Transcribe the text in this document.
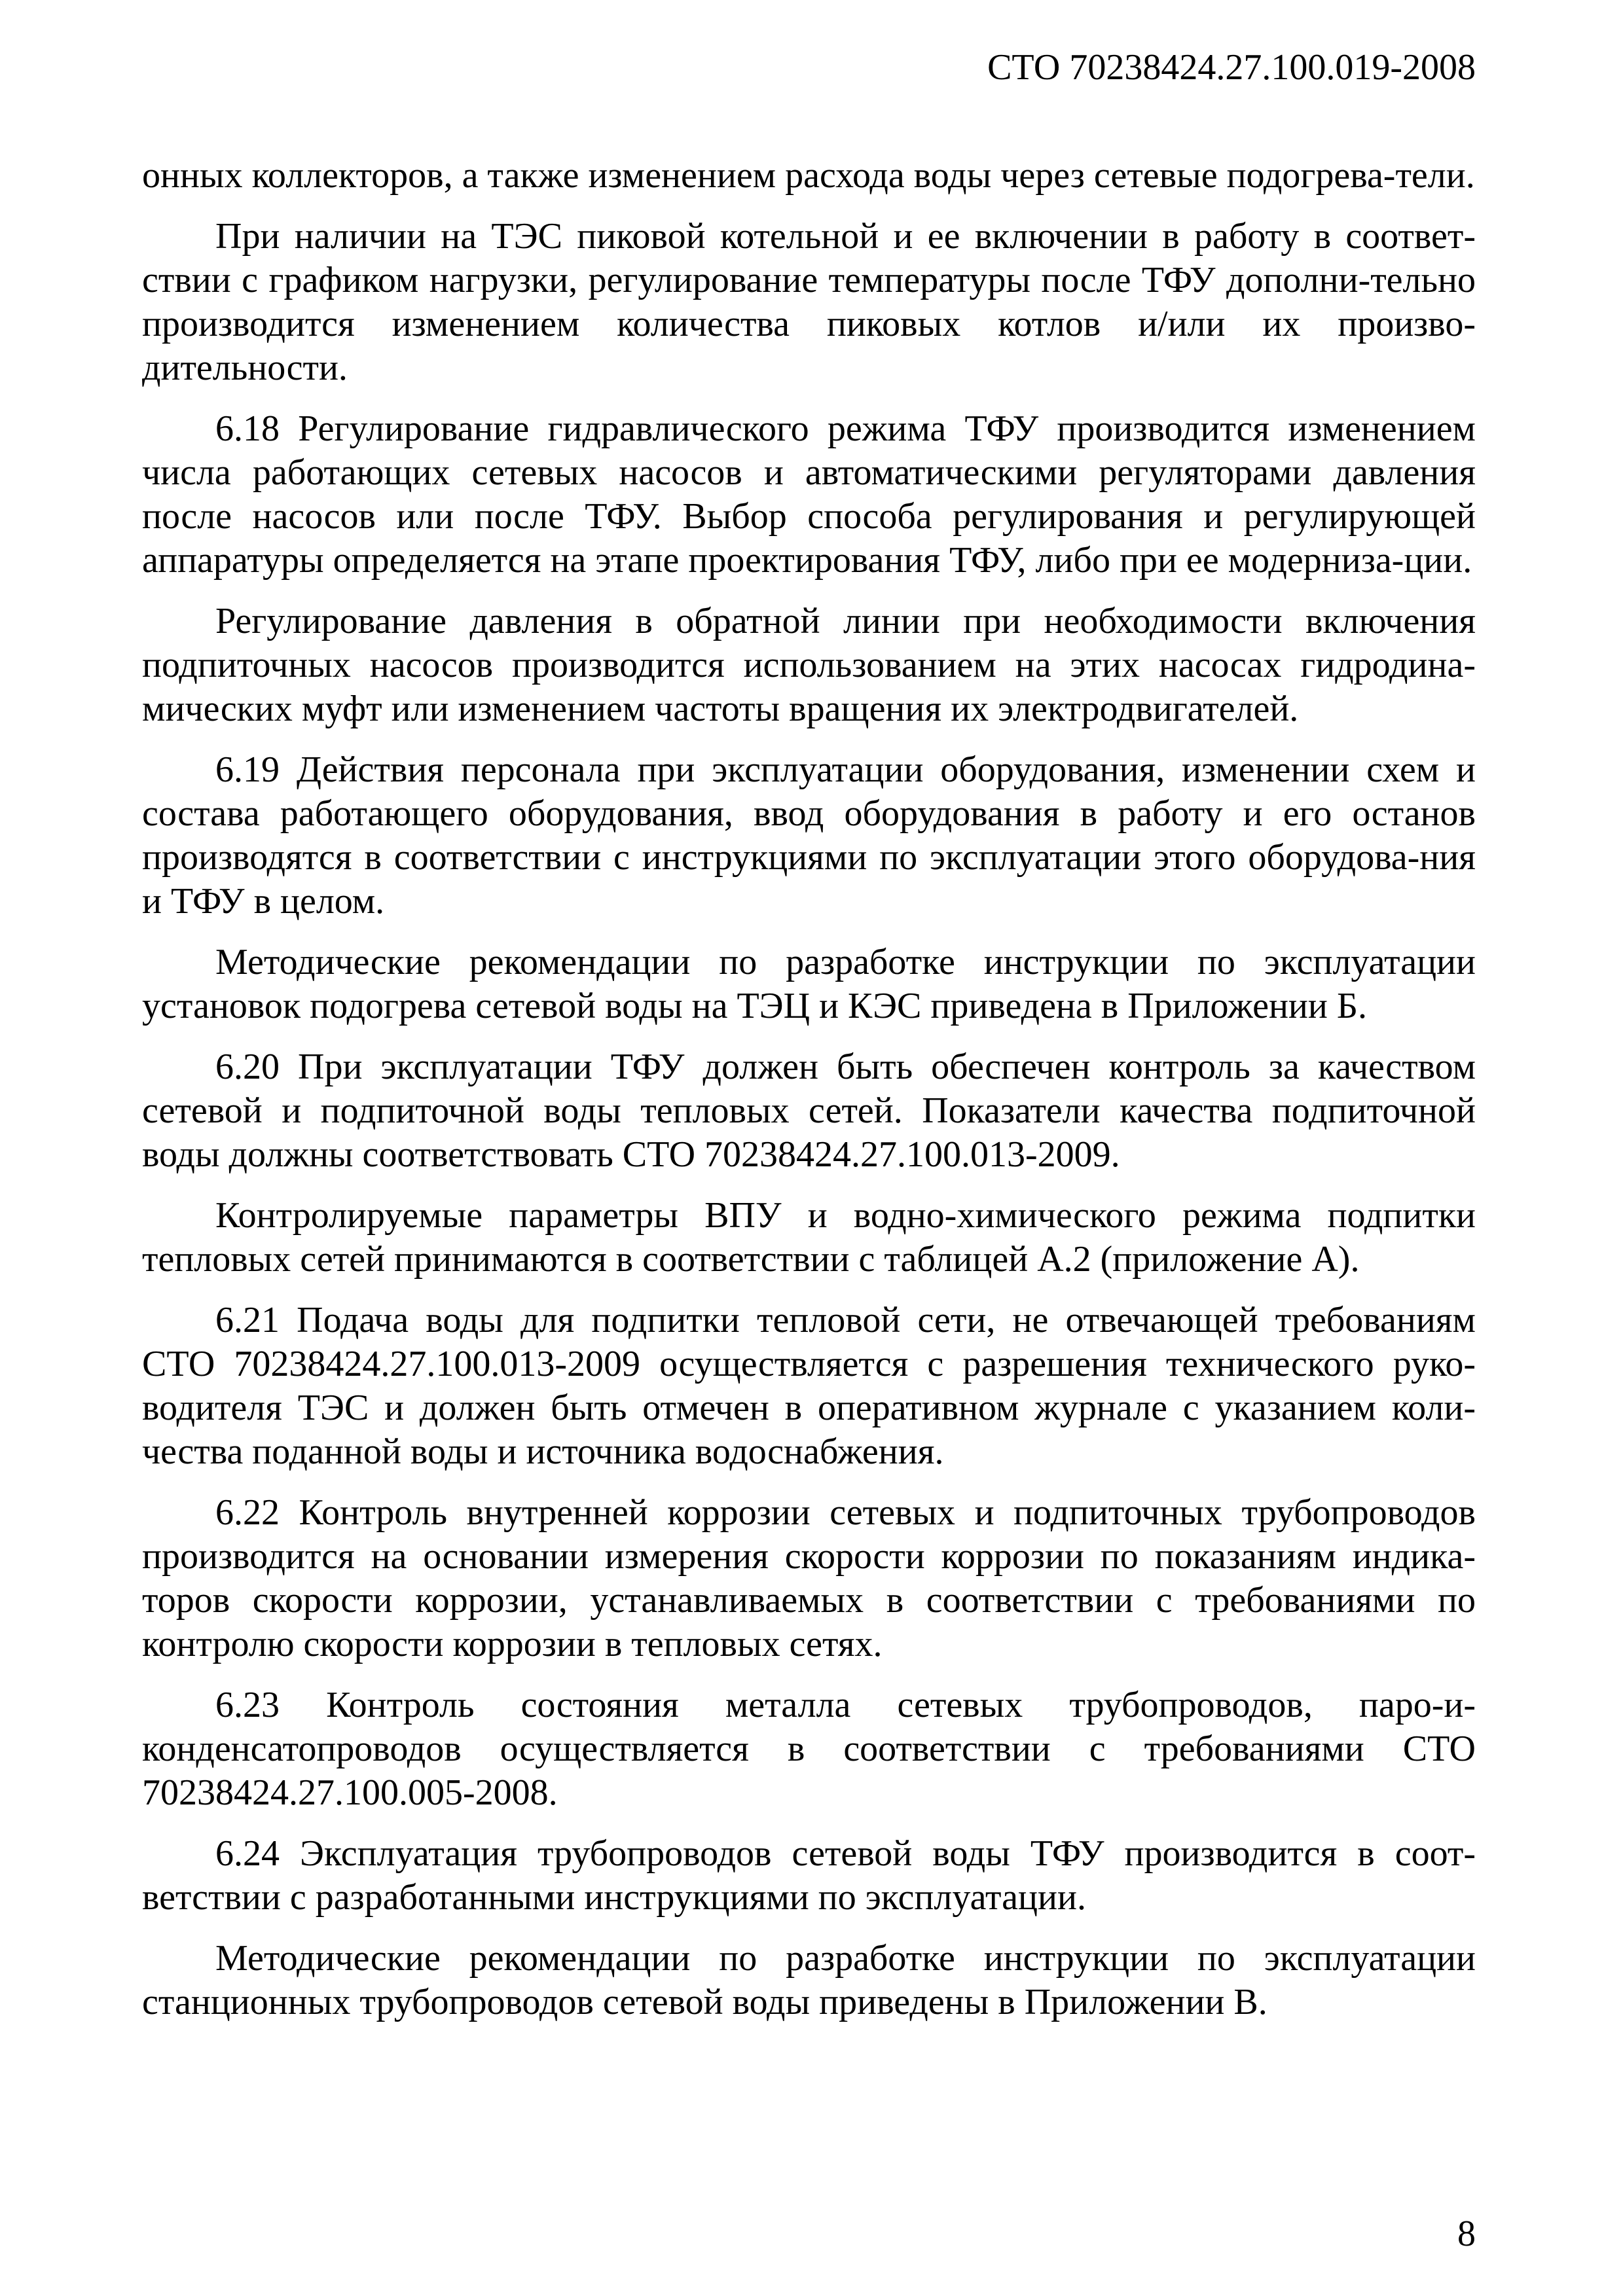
СТО 70238424.27.100.019-2008

онных коллекторов, а также изменением расхода воды через сетевые подогрева-тели.

При наличии на ТЭС пиковой котельной и ее включении в работу в соответ-ствии с графиком нагрузки, регулирование температуры после ТФУ дополни-тельно производится изменением количества пиковых котлов и/или их произво-дительности.

6.18 Регулирование гидравлического режима ТФУ производится изменением числа работающих сетевых насосов и автоматическими регуляторами давления после насосов или после ТФУ. Выбор способа регулирования и регулирующей аппаратуры определяется на этапе проектирования ТФУ, либо при ее модерниза-ции.

Регулирование давления в обратной линии при необходимости включения подпиточных насосов производится использованием на этих насосах гидродина-мических муфт или изменением частоты вращения их электродвигателей.

6.19 Действия персонала при эксплуатации оборудования, изменении схем и состава работающего оборудования, ввод оборудования в работу и его останов производятся в соответствии с инструкциями по эксплуатации этого оборудова-ния и ТФУ в целом.

Методические рекомендации по разработке инструкции по эксплуатации установок подогрева сетевой воды на ТЭЦ и КЭС приведена в Приложении Б.

6.20 При эксплуатации ТФУ должен быть обеспечен контроль за качеством сетевой и подпиточной воды тепловых сетей. Показатели качества подпиточной воды должны соответствовать СТО 70238424.27.100.013-2009.

Контролируемые параметры ВПУ и водно-химического режима подпитки тепловых сетей принимаются в соответствии с таблицей А.2 (приложение А).

6.21 Подача воды для подпитки тепловой сети, не отвечающей требованиям СТО 70238424.27.100.013-2009 осуществляется с разрешения технического руко-водителя ТЭС и должен быть отмечен в оперативном журнале с указанием коли-чества поданной воды и источника водоснабжения.

6.22 Контроль внутренней коррозии сетевых и подпиточных трубопроводов производится на основании измерения скорости коррозии по показаниям индика-торов скорости коррозии, устанавливаемых в соответствии с требованиями по контролю скорости коррозии в тепловых сетях.

6.23 Контроль состояния металла сетевых трубопроводов, паро-и-конденсатопроводов осуществляется в соответствии с требованиями СТО 70238424.27.100.005-2008.

6.24 Эксплуатация трубопроводов сетевой воды ТФУ производится в соот-ветствии с разработанными инструкциями по эксплуатации.

Методические рекомендации по разработке инструкции по эксплуатации станционных трубопроводов сетевой воды приведены в Приложении В.

8
